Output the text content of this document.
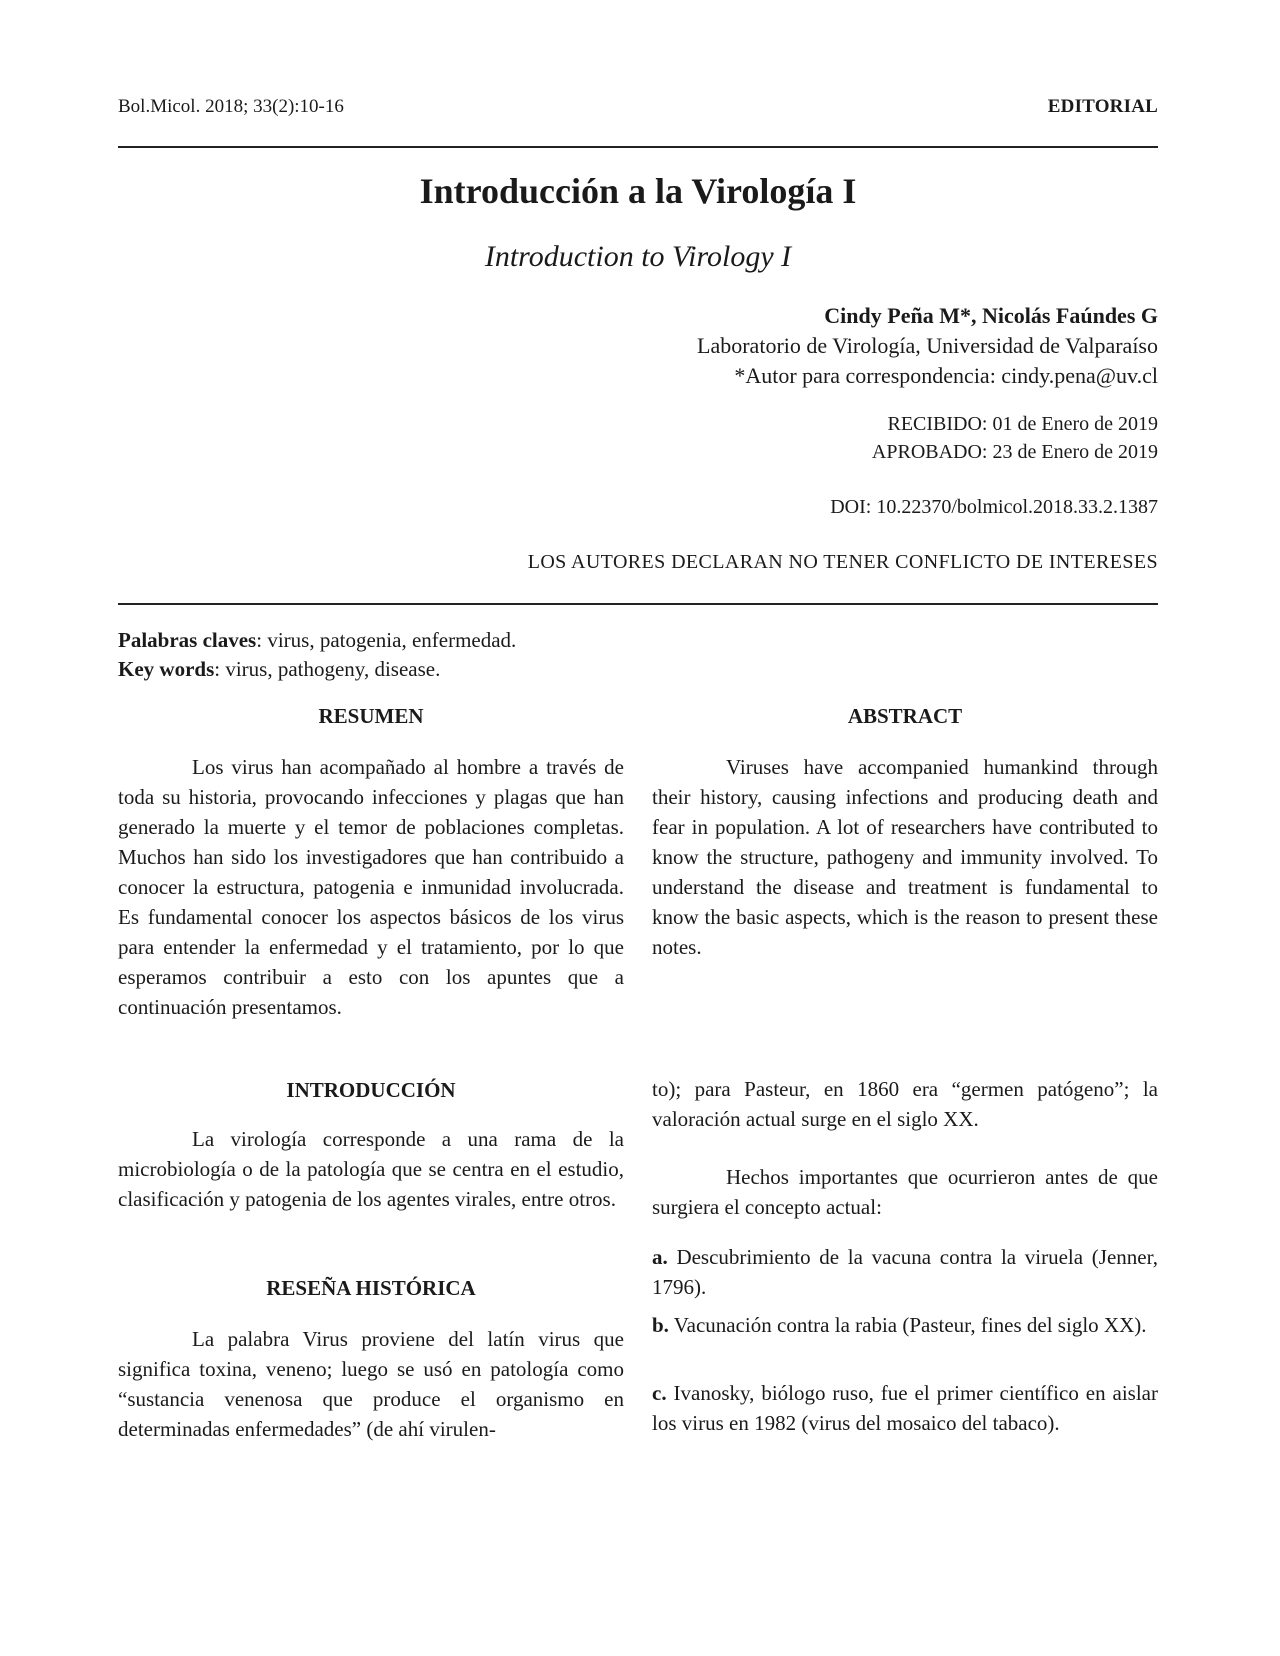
Bol.Micol. 2018; 33(2):10-16	EDITORIAL
Introducción a la Virología I
Introduction to Virology I
Cindy Peña M*, Nicolás Faúndes G
Laboratorio de Virología, Universidad de Valparaíso
*Autor para correspondencia: cindy.pena@uv.cl
RECIBIDO: 01 de Enero de 2019
APROBADO: 23 de Enero de 2019
DOI: 10.22370/bolmicol.2018.33.2.1387
LOS AUTORES DECLARAN NO TENER CONFLICTO DE INTERESES
Palabras claves: virus, patogenia, enfermedad.
Key words: virus, pathogeny, disease.
RESUMEN
Los virus han acompañado al hombre a través de toda su historia, provocando infecciones y plagas que han generado la muerte y el temor de poblaciones completas. Muchos han sido los investigadores que han contribuido a conocer la estructura, patogenia e inmunidad involucrada. Es fundamental conocer los aspectos básicos de los virus para entender la enfermedad y el tratamiento, por lo que esperamos contribuir a esto con los apuntes que a continuación presentamos.
ABSTRACT
Viruses have accompanied humankind through their history, causing infections and producing death and fear in population. A lot of researchers have contributed to know the structure, pathogeny and immunity involved. To understand the disease and treatment is fundamental to know the basic aspects, which is the reason to present these notes.
INTRODUCCIÓN
La virología corresponde a una rama de la microbiología o de la patología que se centra en el estudio, clasificación y patogenia de los agentes virales, entre otros.
RESEÑA HISTÓRICA
La palabra Virus proviene del latín virus que significa toxina, veneno; luego se usó en patología como “sustancia venenosa que produce el organismo en determinadas enfermedades” (de ahí virulen-
to); para Pasteur, en 1860 era “germen patógeno”; la valoración actual surge en el siglo XX.
Hechos importantes que ocurrieron antes de que surgiera el concepto actual:
a. Descubrimiento de la vacuna contra la viruela (Jenner, 1796).
b. Vacunación contra la rabia (Pasteur, fines del siglo XX).
c. Ivanosky, biólogo ruso, fue el primer científico en aislar los virus en 1982 (virus del mosaico del tabaco).
